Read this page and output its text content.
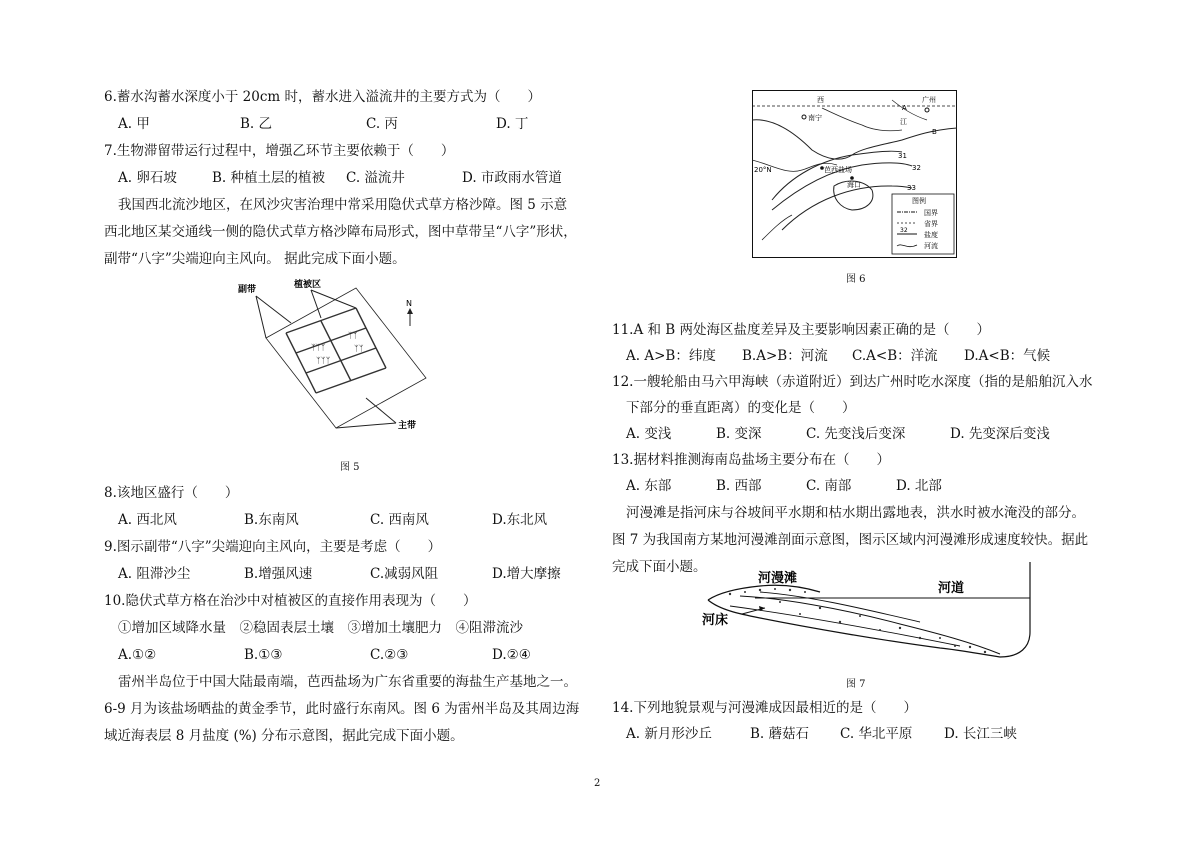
6.蓄水沟蓄水深度小于 20cm 时，蓄水进入溢流井的主要方式为（　　）
A. 甲	B. 乙	C. 丙	D. 丁
7.生物滞留带运行过程中，增强乙环节主要依赖于（　　）
A. 卵石坡	B. 种植土层的植被 C. 溢流井	D. 市政雨水管道
我国西北流沙地区，在风沙灾害治理中常采用隐伏式草方格沙障。图 5 示意
西北地区某交通线一侧的隐伏式草方格沙障布局形式，图中草带呈“八字”形状，
副带“八字”尖端迎向主风向。 据此完成下面小题。
ᛉᛉᛉ
ᛉᛉᛉ
ᛉᛉ
ᛉᛉ
副带	植被区
主带
N
图 5
8.该地区盛行（　　）
A. 西北风	B.东南风	C. 西南风	D.东北风
9.图示副带“八字”尖端迎向主风向，主要是考虑（　　）
A. 阻滞沙尘	B.增强风速	C.减弱风阻	D.增大摩擦
10.隐伏式草方格在治沙中对植被区的直接作用表现为（　　）
①增加区域降水量　②稳固表层土壤　③增加土壤肥力　④阻滞流沙
A.①②	B.①③	C.②③	D.②④
雷州半岛位于中国大陆最南端，芭西盐场为广东省重要的海盐生产基地之一。
6-9 月为该盐场晒盐的黄金季节，此时盛行东南风。图 6 为雷州半岛及其周边海
域近海表层 8 月盐度 (%) 分布示意图，据此完成下面小题。
西
南宁
广州
江
A
B
20°N	芭西盐场
海口
31
32
33
图例
国界
省界
32
盐度
河流
图 6
11.A 和 B 两处海区盐度差异及主要影响因素正确的是（　　）
A. A>B：纬度 B.A>B：河流 C.A<B：洋流 D.A<B：气候
12.一艘轮船由马六甲海峡（赤道附近）到达广州时吃水深度（指的是船舶沉入水
下部分的垂直距离）的变化是（　　）
A. 变浅	B. 变深	C. 先变浅后变深	D. 先变深后变浅
13.据材料推测海南岛盐场主要分布在（　　）
A. 东部	B. 西部	C. 南部	D. 北部
河漫滩是指河床与谷坡间平水期和枯水期出露地表，洪水时被水淹没的部分。
图 7 为我国南方某地河漫滩剖面示意图，图示区域内河漫滩形成速度较快。据此
完成下面小题。
河漫滩
河道
河床
图 7
14.下列地貌景观与河漫滩成因最相近的是（　　）
A. 新月形沙丘	B. 蘑菇石 C. 华北平原 D. 长江三峡
2
